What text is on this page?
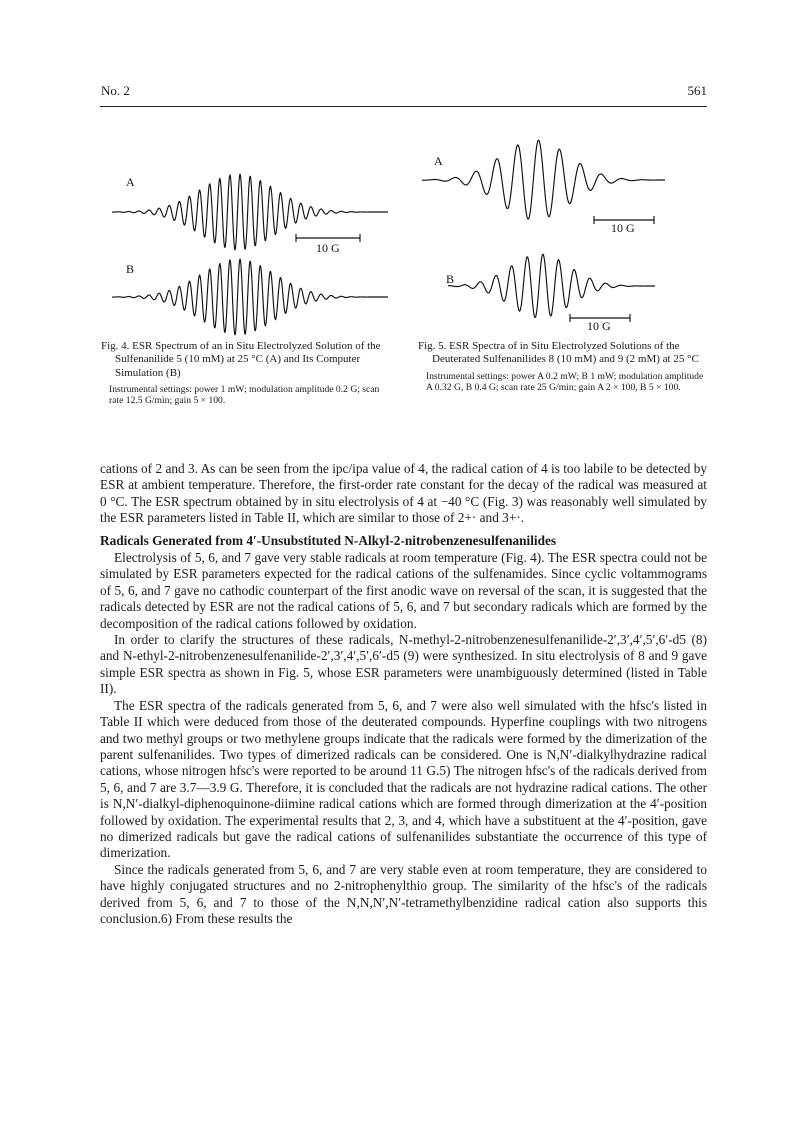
No. 2	561
A
10 G
B
A
10 G
B
10 G
Fig. 4. ESR Spectrum of an in Situ Electrolyzed Solution of the Sulfenanilide 5 (10 mM) at 25 °C (A) and Its Computer Simulation (B)
Instrumental settings: power 1 mW; modulation amplitude 0.2 G; scan rate 12.5 G/min; gain 5 × 100.
Fig. 5. ESR Spectra of in Situ Electrolyzed Solutions of the Deuterated Sulfenanilides 8 (10 mM) and 9 (2 mM) at 25 °C
Instrumental settings: power A 0.2 mW; B 1 mW; modulation amplitude A 0.32 G, B 0.4 G; scan rate 25 G/min; gain A 2 × 100, B 5 × 100.

cations of 2 and 3. As can be seen from the ipc/ipa value of 4, the radical cation of 4 is too labile to be detected by ESR at ambient temperature. Therefore, the first-order rate constant for the decay of the radical was measured at 0 °C. The ESR spectrum obtained by in situ electrolysis of 4 at −40 °C (Fig. 3) was reasonably well simulated by the ESR parameters listed in Table II, which are similar to those of 2+· and 3+·.

Radicals Generated from 4′-Unsubstituted N-Alkyl-2-nitrobenzenesulfenanilides

Electrolysis of 5, 6, and 7 gave very stable radicals at room temperature (Fig. 4). The ESR spectra could not be simulated by ESR parameters expected for the radical cations of the sulfenamides. Since cyclic voltammograms of 5, 6, and 7 gave no cathodic counterpart of the first anodic wave on reversal of the scan, it is suggested that the radicals detected by ESR are not the radical cations of 5, 6, and 7 but secondary radicals which are formed by the decomposition of the radical cations followed by oxidation.

In order to clarify the structures of these radicals, N-methyl-2-nitrobenzenesulfenanilide-2′,3′,4′,5′,6′-d5 (8) and N-ethyl-2-nitrobenzenesulfenanilide-2′,3′,4′,5′,6′-d5 (9) were synthesized. In situ electrolysis of 8 and 9 gave simple ESR spectra as shown in Fig. 5, whose ESR parameters were unambiguously determined (listed in Table II).

The ESR spectra of the radicals generated from 5, 6, and 7 were also well simulated with the hfsc's listed in Table II which were deduced from those of the deuterated compounds. Hyperfine couplings with two nitrogens and two methyl groups or two methylene groups indicate that the radicals were formed by the dimerization of the parent sulfenanilides. Two types of dimerized radicals can be considered. One is N,N′-dialkylhydrazine radical cations, whose nitrogen hfsc's were reported to be around 11 G.5) The nitrogen hfsc's of the radicals derived from 5, 6, and 7 are 3.7—3.9 G. Therefore, it is concluded that the radicals are not hydrazine radical cations. The other is N,N′-dialkyl-diphenoquinone-diimine radical cations which are formed through dimerization at the 4′-position followed by oxidation. The experimental results that 2, 3, and 4, which have a substituent at the 4′-position, gave no dimerized radicals but gave the radical cations of sulfenanilides substantiate the occurrence of this type of dimerization.

Since the radicals generated from 5, 6, and 7 are very stable even at room temperature, they are considered to have highly conjugated structures and no 2-nitrophenylthio group. The similarity of the hfsc's of the radicals derived from 5, 6, and 7 to those of the N,N,N′,N′-tetramethylbenzidine radical cation also supports this conclusion.6) From these results the
